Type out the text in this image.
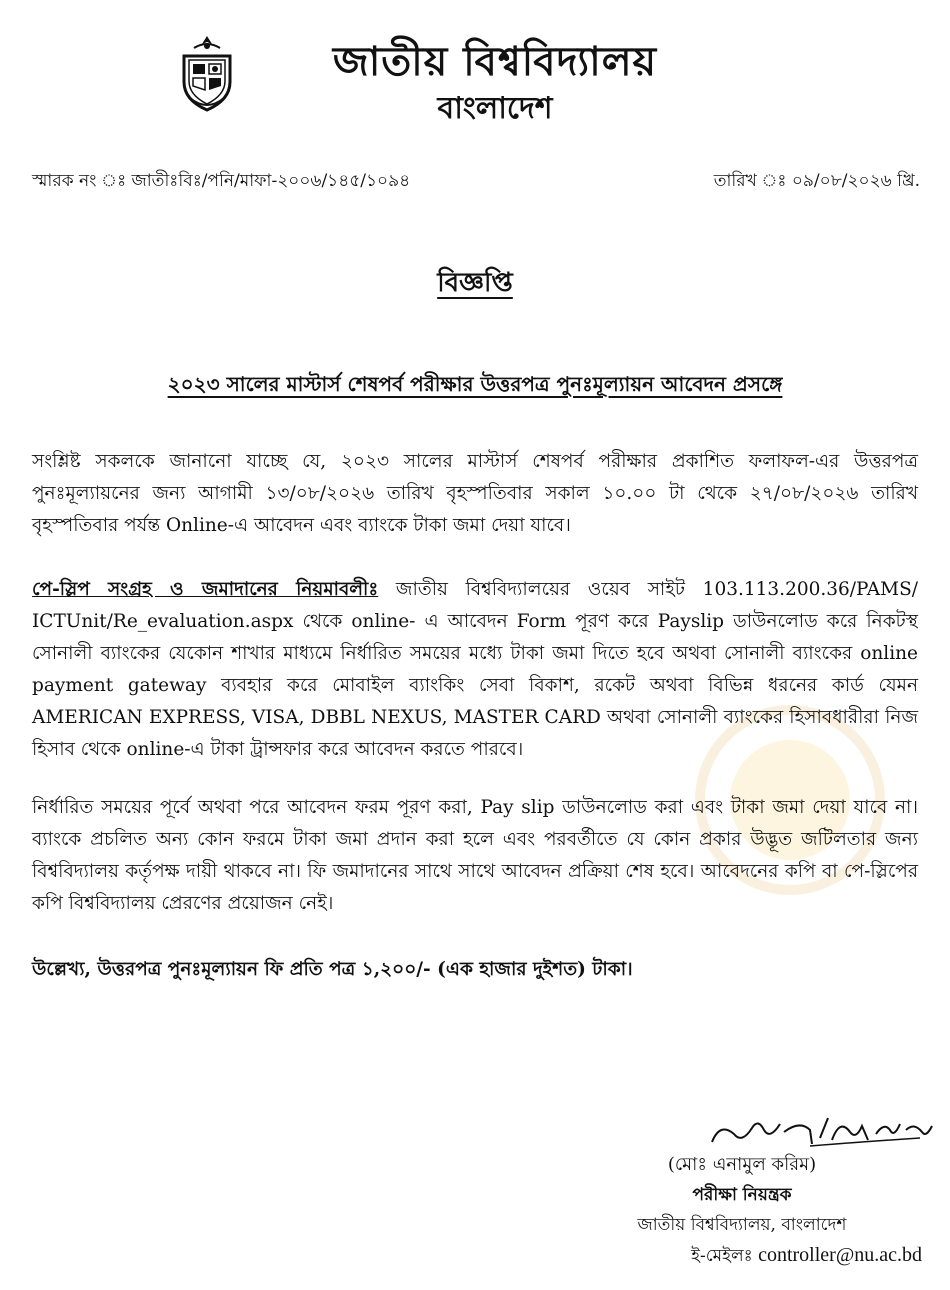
জাতীয় বিশ্ববিদ্যালয়
বাংলাদেশ
স্মারক নং ঃ জাতীঃবিঃ/পনি/মাফা-২০০৬/১৪৫/১০৯৪	তারিখ ঃ ০৯/০৮/২০২৬ খ্রি.
বিজ্ঞপ্তি
২০২৩ সালের মাস্টার্স শেষপর্ব পরীক্ষার উত্তরপত্র পুনঃমূল্যায়ন আবেদন প্রসঙ্গে
সংশ্লিষ্ট সকলকে জানানো যাচ্ছে যে, ২০২৩ সালের মাস্টার্স শেষপর্ব পরীক্ষার প্রকাশিত ফলাফল-এর উত্তরপত্র পুনঃমূল্যায়নের জন্য আগামী ১৩/০৮/২০২৬ তারিখ বৃহস্পতিবার সকাল ১০.০০ টা থেকে ২৭/০৮/২০২৬ তারিখ বৃহস্পতিবার পর্যন্ত Online-এ আবেদন এবং ব্যাংকে টাকা জমা দেয়া যাবে।
পে-স্লিপ সংগ্রহ ও জমাদানের নিয়মাবলীঃ জাতীয় বিশ্ববিদ্যালয়ের ওয়েব সাইট 103.113.200.36/PAMS/ ICTUnit/Re_evaluation.aspx থেকে online- এ আবেদন Form পূরণ করে Payslip ডাউনলোড করে নিকটস্থ সোনালী ব্যাংকের যেকোন শাখার মাধ্যমে নির্ধারিত সময়ের মধ্যে টাকা জমা দিতে হবে অথবা সোনালী ব্যাংকের online payment gateway ব্যবহার করে মোবাইল ব্যাংকিং সেবা বিকাশ, রকেট অথবা বিভিন্ন ধরনের কার্ড যেমন AMERICAN EXPRESS, VISA, DBBL NEXUS, MASTER CARD অথবা সোনালী ব্যাংকের হিসাবধারীরা নিজ হিসাব থেকে online-এ টাকা ট্রান্সফার করে আবেদন করতে পারবে।
নির্ধারিত সময়ের পূর্বে অথবা পরে আবেদন ফরম পূরণ করা, Pay slip ডাউনলোড করা এবং টাকা জমা দেয়া যাবে না। ব্যাংকে প্রচলিত অন্য কোন ফরমে টাকা জমা প্রদান করা হলে এবং পরবর্তীতে যে কোন প্রকার উদ্ভূত জটিলতার জন্য বিশ্ববিদ্যালয় কর্তৃপক্ষ দায়ী থাকবে না। ফি জমাদানের সাথে সাথে আবেদন প্রক্রিয়া শেষ হবে। আবেদনের কপি বা পে-স্লিপের কপি বিশ্ববিদ্যালয় প্রেরণের প্রয়োজন নেই।
উল্লেখ্য, উত্তরপত্র পুনঃমূল্যায়ন ফি প্রতি পত্র ১,২০০/- (এক হাজার দুইশত) টাকা।
(মোঃ এনামুল করিম)
পরীক্ষা নিয়ন্ত্রক
জাতীয় বিশ্ববিদ্যালয়, বাংলাদেশ
ই-মেইলঃ controller@nu.ac.bd
